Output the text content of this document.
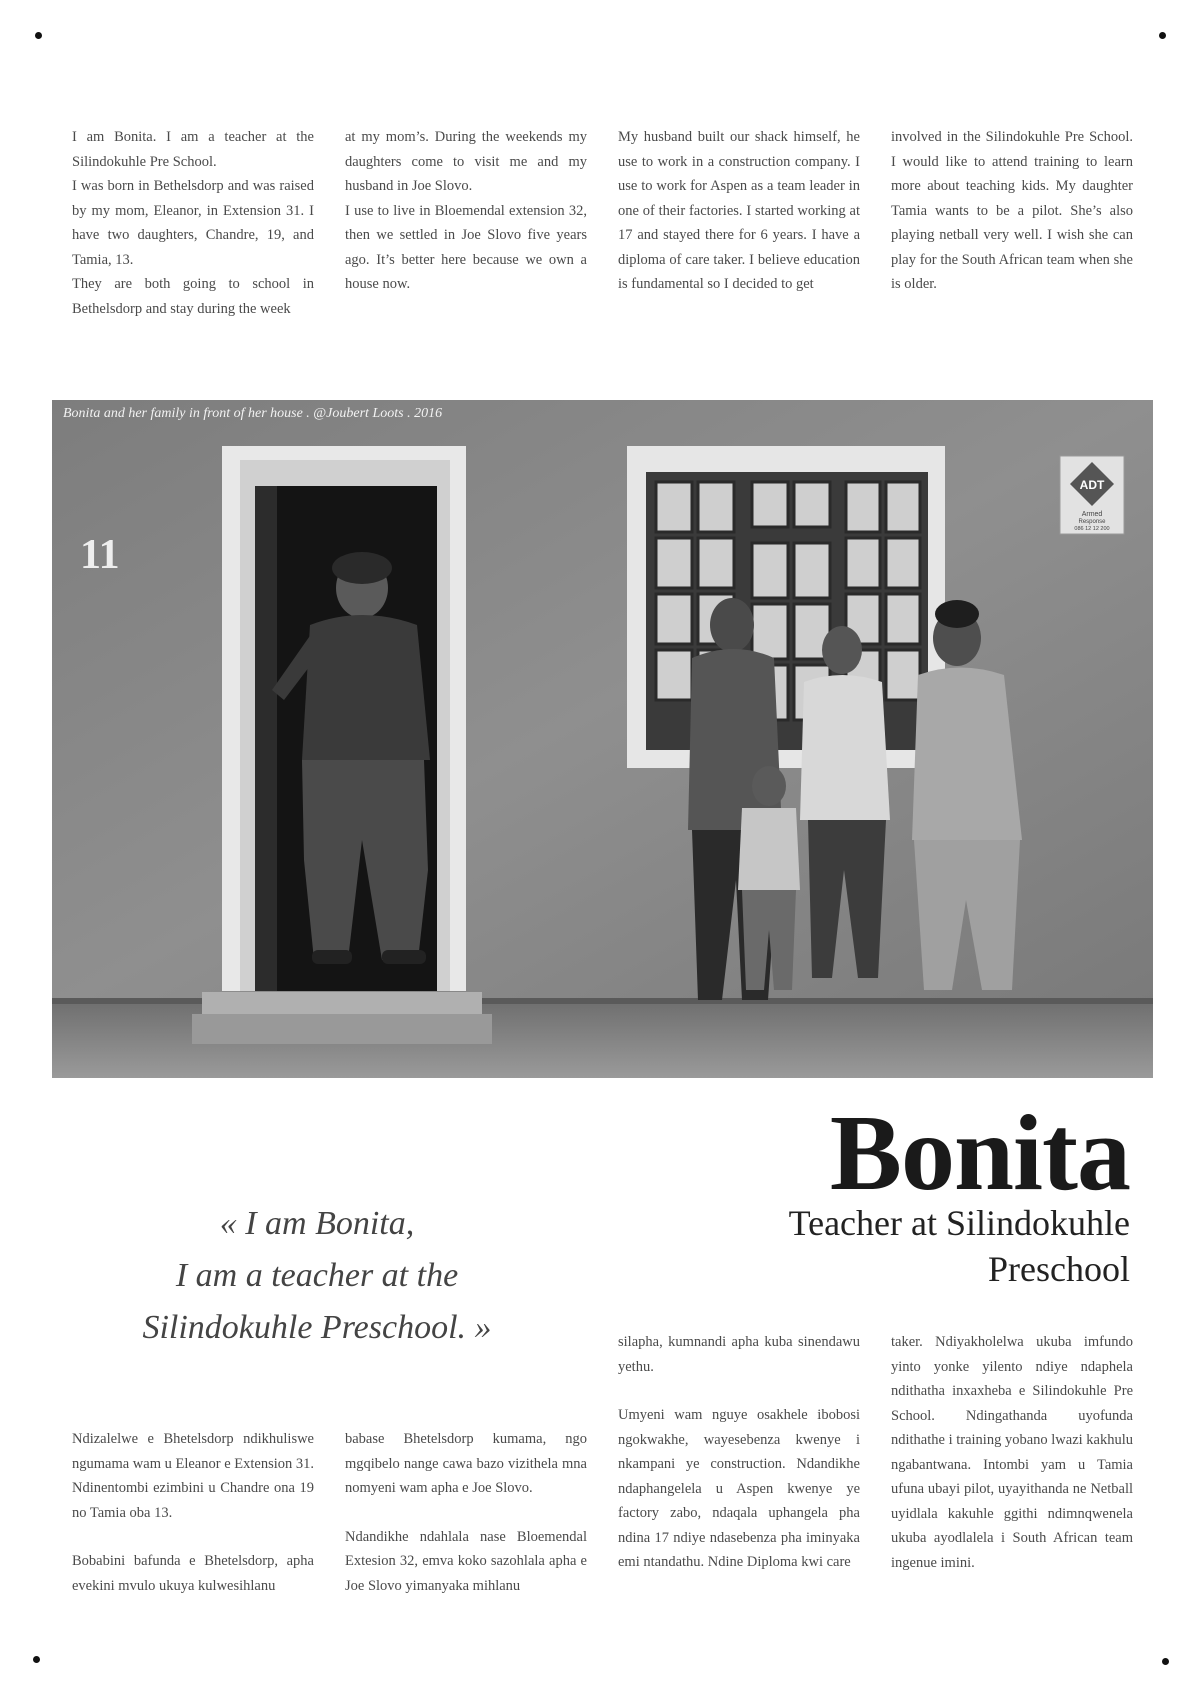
I am Bonita. I am a teacher at the Silindokuhle Pre School.

I was born in Bethelsdorp and was raised by my mom, Eleanor, in Extension 31. I have two daughters, Chandre, 19, and Tamia, 13.

They are both going to school in Bethelsdorp and stay during the week

at my mom’s. During the weekends my daughters come to visit me and my husband in Joe Slovo.

I use to live in Bloemendal extension 32, then we settled in Joe Slovo five years ago. It’s better here because we own a house now.

My husband built our shack himself, he use to work in a construction company. I use to work for Aspen as a team leader in one of their factories. I started working at 17 and stayed there for 6 years. I have a diploma of care taker. I believe education is fundamental so I decided to get

involved in the Silindokuhle Pre School. I would like to attend training to learn more about teaching kids. My daughter Tamia wants to be a pilot. She’s also playing netball very well. I wish she can play for the South African team when she is older.

Bonita and her family in front of her house . @Joubert Loots . 2016
ADT
Armed
Response
086 12 12 200
11
« I am Bonita,
I am a teacher at the
Silindokuhle Preschool. »
Bonita
Teacher at Silindokuhle Preschool

Ndizalelwe e Bhetelsdorp ndikhuliswe ngumama wam u Eleanor e Extension 31. Ndinentombi ezimbini u Chandre ona 19 no Tamia oba 13.

Bobabini bafunda e Bhetelsdorp, apha evekini mvulo ukuya kulwesihlanu

babase Bhetelsdorp kumama, ngo mgqibelo nange cawa bazo vizithela mna nomyeni wam apha e Joe Slovo.

Ndandikhe ndahlala nase Bloemendal Extesion 32, emva koko sazohlala apha e Joe Slovo yimanyaka mihlanu

silapha, kumnandi apha kuba sinendawu yethu.

Umyeni wam nguye osakhele ibobosi ngokwakhe, wayesebenza kwenye i nkampani ye construction. Ndandikhe ndaphangelela u Aspen kwenye ye factory zabo, ndaqala uphangela pha ndina 17 ndiye ndasebenza pha iminyaka emi ntandathu. Ndine Diploma kwi care

taker. Ndiyakholelwa ukuba imfundo yinto yonke yilento ndiye ndaphela ndithatha inxaxheba e Silindokuhle Pre School. Ndingathanda uyofunda ndithathe i training yobano lwazi kakhulu ngabantwana. Intombi yam u Tamia ufuna ubayi pilot, uyayithanda ne Netball uyidlala kakuhle ggithi ndimnqwenela ukuba ayodlalela i South African team ingenue imini.
